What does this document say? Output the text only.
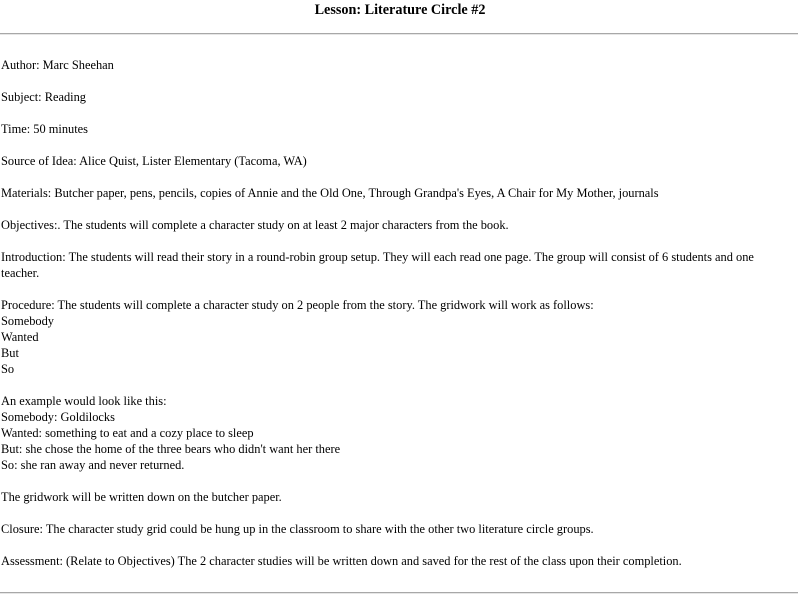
Lesson: Literature Circle #2

Author: Marc Sheehan

Subject: Reading

Time: 50 minutes

Source of Idea: Alice Quist, Lister Elementary (Tacoma, WA)

Materials: Butcher paper, pens, pencils, copies of Annie and the Old One, Through Grandpa's Eyes, A Chair for My Mother, journals

Objectives:. The students will complete a character study on at least 2 major characters from the book.

Introduction: The students will read their story in a round-robin group setup. They will each read one page. The group will consist of 6 students and one teacher.

Procedure: The students will complete a character study on 2 people from the story. The gridwork will work as follows:
Somebody
Wanted
But
So

An example would look like this:
Somebody: Goldilocks
Wanted: something to eat and a cozy place to sleep
But: she chose the home of the three bears who didn't want her there
So: she ran away and never returned.

The gridwork will be written down on the butcher paper.

Closure: The character study grid could be hung up in the classroom to share with the other two literature circle groups.

Assessment: (Relate to Objectives) The 2 character studies will be written down and saved for the rest of the class upon their completion.
